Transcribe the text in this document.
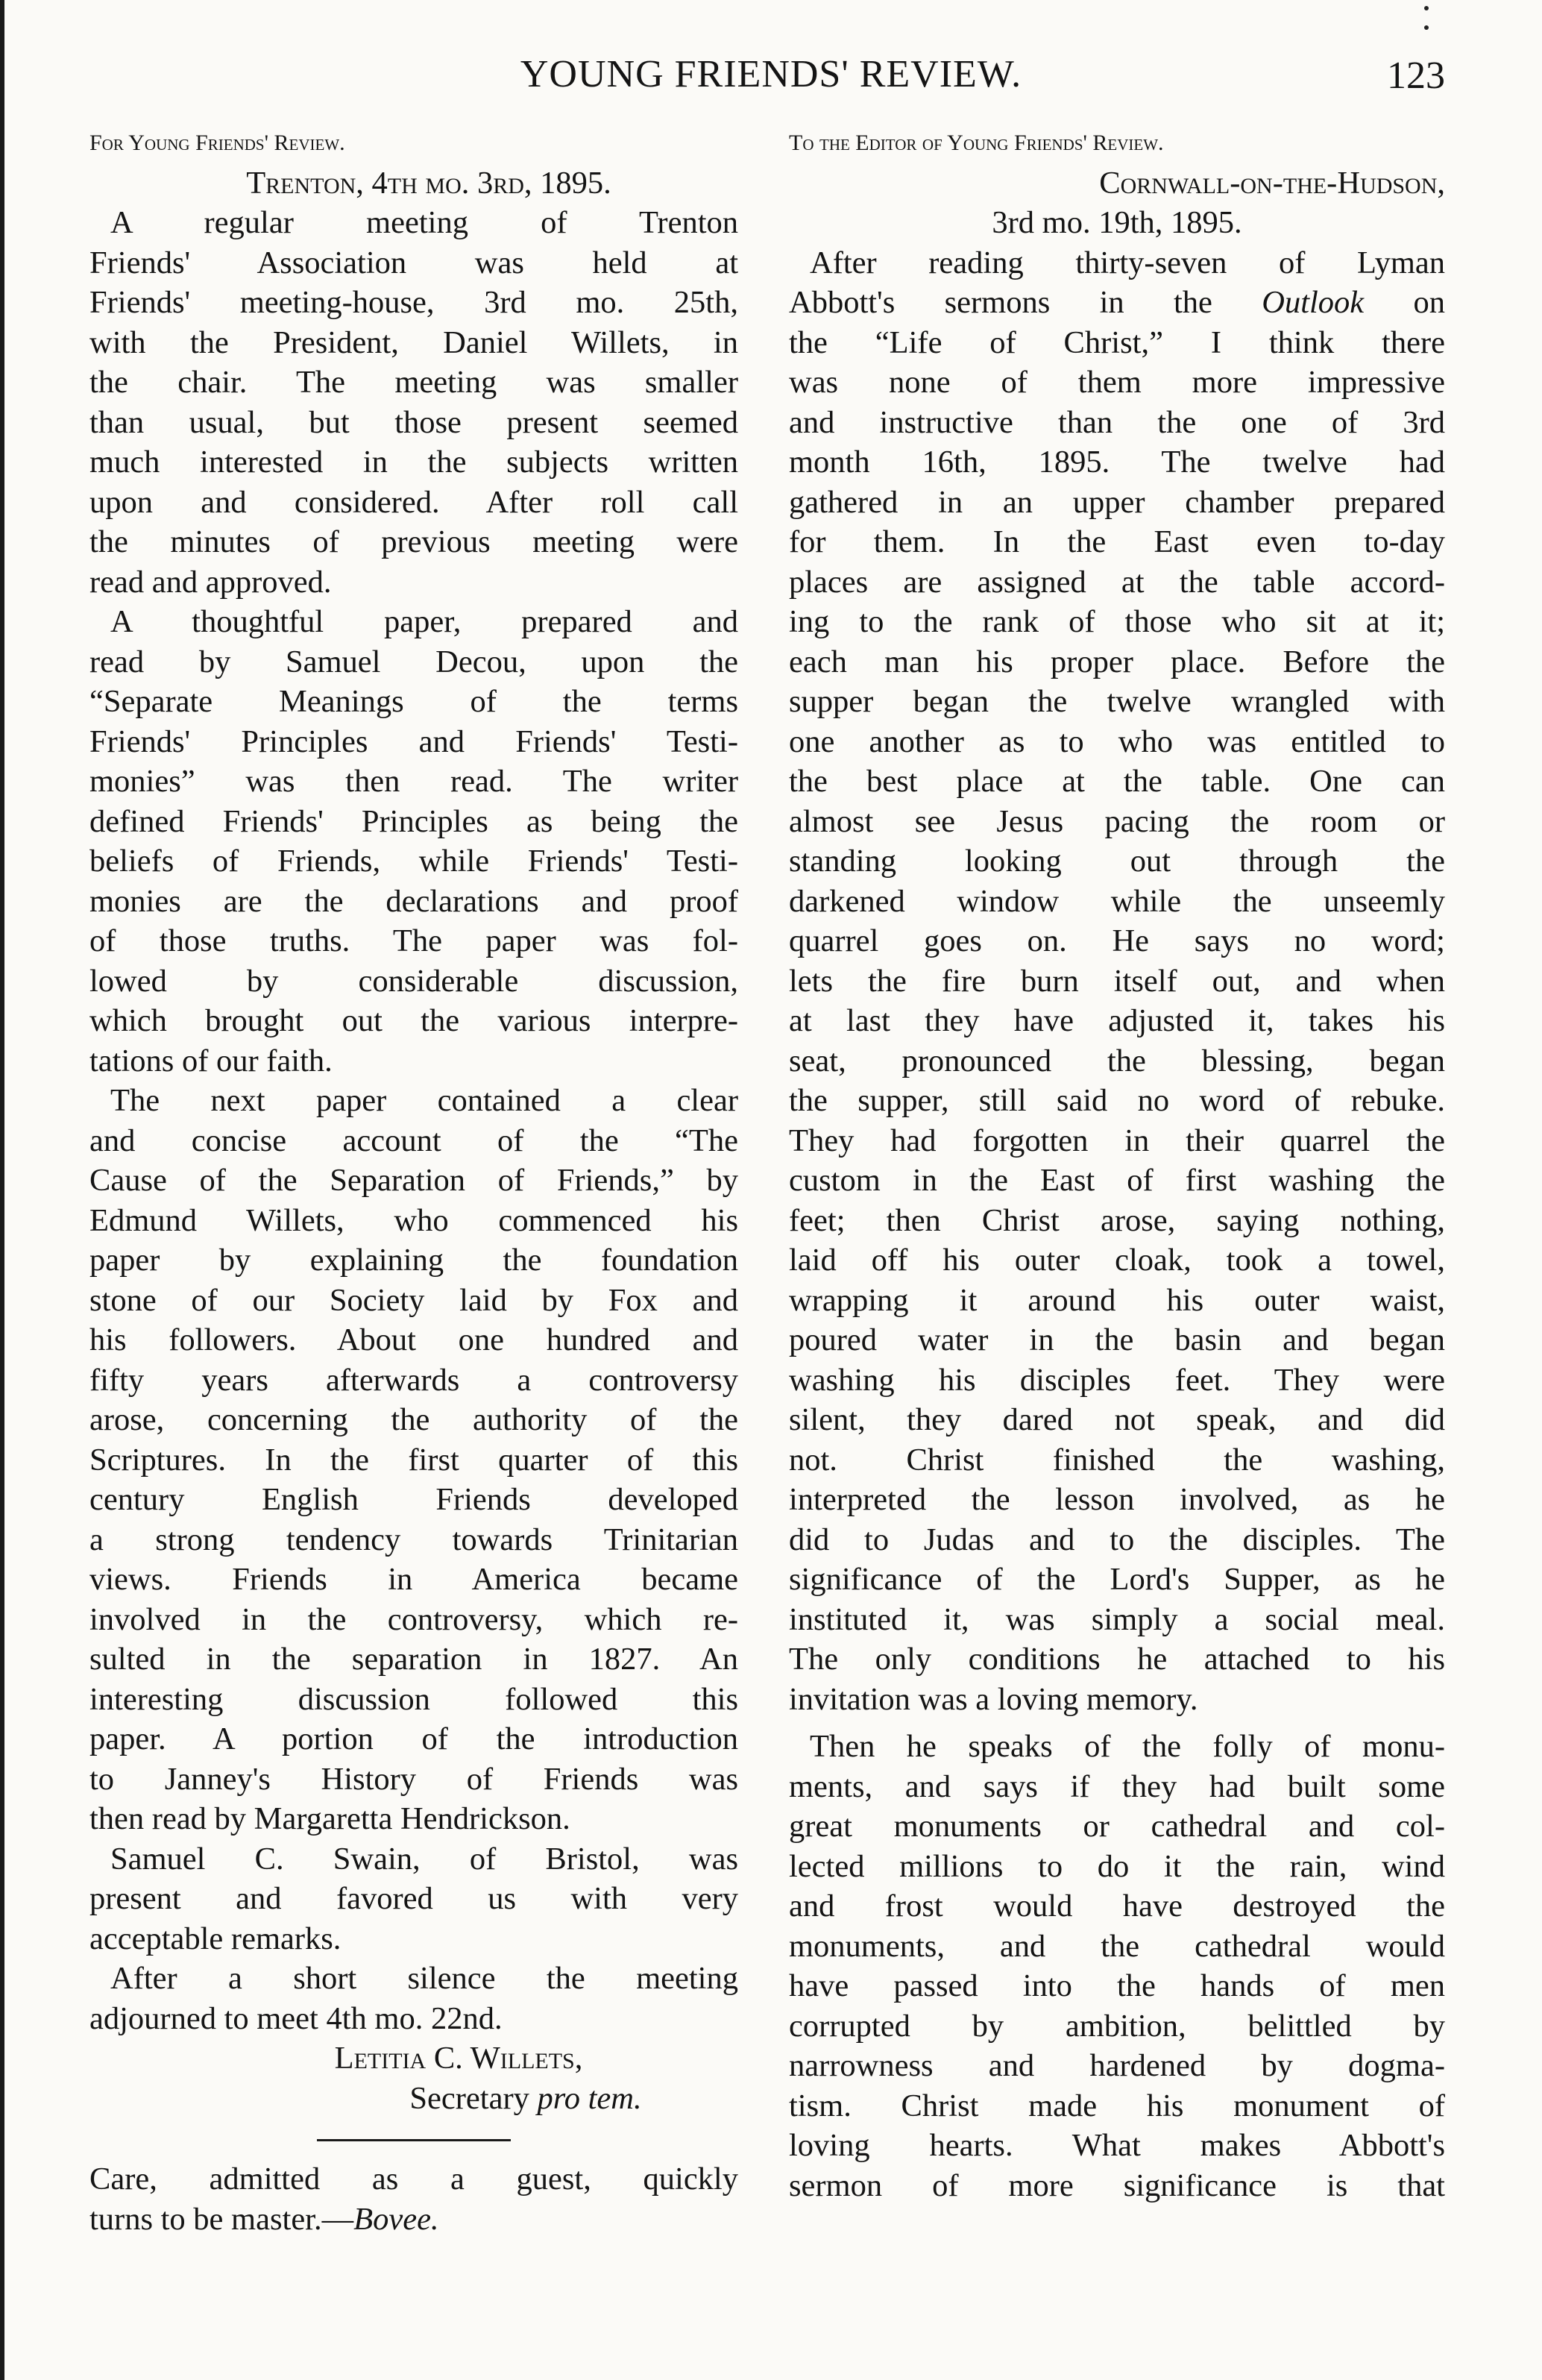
YOUNG FRIENDS' REVIEW.	123
For Young Friends' Review.
Trenton, 4th mo. 3rd, 1895.
A regular meeting of Trenton
Friends' Association was held at
Friends' meeting-house, 3rd mo. 25th,
with the President, Daniel Willets, in
the chair. The meeting was smaller
than usual, but those present seemed
much interested in the subjects written
upon and considered. After roll call
the minutes of previous meeting were
read and approved.
A thoughtful paper, prepared and
read by Samuel Decou, upon the
“Separate Meanings of the terms
Friends' Principles and Friends' Testi-
monies” was then read. The writer
defined Friends' Principles as being the
beliefs of Friends, while Friends' Testi-
monies are the declarations and proof
of those truths. The paper was fol-
lowed by considerable discussion,
which brought out the various interpre-
tations of our faith.
The next paper contained a clear
and concise account of the “The
Cause of the Separation of Friends,” by
Edmund Willets, who commenced his
paper by explaining the foundation
stone of our Society laid by Fox and
his followers. About one hundred and
fifty years afterwards a controversy
arose, concerning the authority of the
Scriptures. In the first quarter of this
century English Friends developed
a strong tendency towards Trinitarian
views. Friends in America became
involved in the controversy, which re-
sulted in the separation in 1827. An
interesting discussion followed this
paper. A portion of the introduction
to Janney's History of Friends was
then read by Margaretta Hendrickson.
Samuel C. Swain, of Bristol, was
present and favored us with very
acceptable remarks.
After a short silence the meeting
adjourned to meet 4th mo. 22nd.
Letitia C. Willets,
Secretary pro tem.
Care, admitted as a guest, quickly
turns to be master.—Bovee.
To the Editor of Young Friends' Review.
Cornwall-on-the-Hudson,
3rd mo. 19th, 1895.
After reading thirty-seven of Lyman
Abbott's sermons in the Outlook on
the “Life of Christ,” I think there
was none of them more impressive
and instructive than the one of 3rd
month 16th, 1895. The twelve had
gathered in an upper chamber prepared
for them. In the East even to-day
places are assigned at the table accord-
ing to the rank of those who sit at it;
each man his proper place. Before the
supper began the twelve wrangled with
one another as to who was entitled to
the best place at the table. One can
almost see Jesus pacing the room or
standing looking out through the
darkened window while the unseemly
quarrel goes on. He says no word;
lets the fire burn itself out, and when
at last they have adjusted it, takes his
seat, pronounced the blessing, began
the supper, still said no word of rebuke.
They had forgotten in their quarrel the
custom in the East of first washing the
feet; then Christ arose, saying nothing,
laid off his outer cloak, took a towel,
wrapping it around his outer waist,
poured water in the basin and began
washing his disciples feet. They were
silent, they dared not speak, and did
not. Christ finished the washing,
interpreted the lesson involved, as he
did to Judas and to the disciples. The
significance of the Lord's Supper, as he
instituted it, was simply a social meal.
The only conditions he attached to his
invitation was a loving memory.
Then he speaks of the folly of monu-
ments, and says if they had built some
great monuments or cathedral and col-
lected millions to do it the rain, wind
and frost would have destroyed the
monuments, and the cathedral would
have passed into the hands of men
corrupted by ambition, belittled by
narrowness and hardened by dogma-
tism. Christ made his monument of
loving hearts. What makes Abbott's
sermon of more significance is that
